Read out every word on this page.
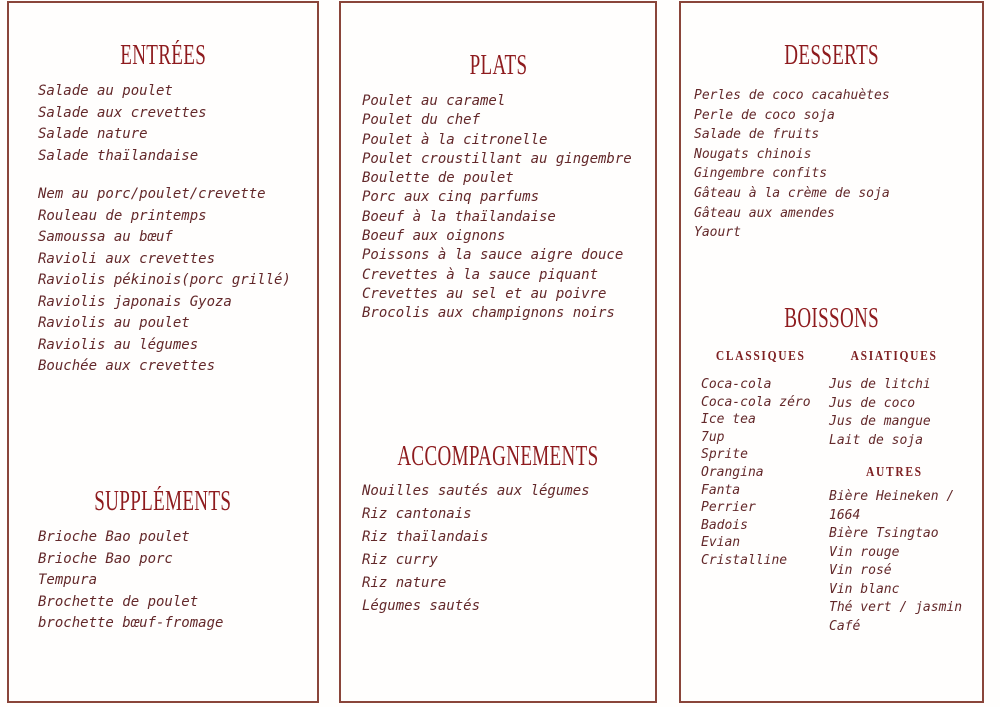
ENTRÉES
Salade au poulet
Salade aux crevettes
Salade nature
Salade thaïlandaise
Nem au porc/poulet/crevette
Rouleau de printemps
Samoussa au bœuf
Ravioli aux crevettes
Raviolis pékinois(porc grillé)
Raviolis japonais Gyoza
Raviolis au poulet
Raviolis au légumes
Bouchée aux crevettes
SUPPLÉMENTS
Brioche Bao poulet
Brioche Bao porc
Tempura
Brochette de poulet
brochette bœuf-fromage
PLATS
Poulet au caramel
Poulet du chef
Poulet à la citronelle
Poulet croustillant au gingembre
Boulette de poulet
Porc aux cinq parfums
Boeuf à la thaïlandaise
Boeuf aux oignons
Poissons à la sauce aigre douce
Crevettes à la sauce piquant
Crevettes au sel et au poivre
Brocolis aux champignons noirs
ACCOMPAGNEMENTS
Nouilles sautés aux légumes
Riz cantonais
Riz thaïlandais
Riz curry
Riz nature
Légumes sautés
DESSERTS
Perles de coco cacahuètes
Perle de coco soja
Salade de fruits
Nougats chinois
Gingembre confits
Gâteau à la crème de soja
Gâteau aux amendes
Yaourt
BOISSONS
CLASSIQUES
Coca-cola
Coca-cola zéro
Ice tea
7up
Sprite
Orangina
Fanta
Perrier
Badois
Evian
Cristalline
ASIATIQUES
Jus de litchi
Jus de coco
Jus de mangue
Lait de soja
AUTRES
Bière Heineken /
1664
Bière Tsingtao
Vin rouge
Vin rosé
Vin blanc
Thé vert / jasmin
Café
